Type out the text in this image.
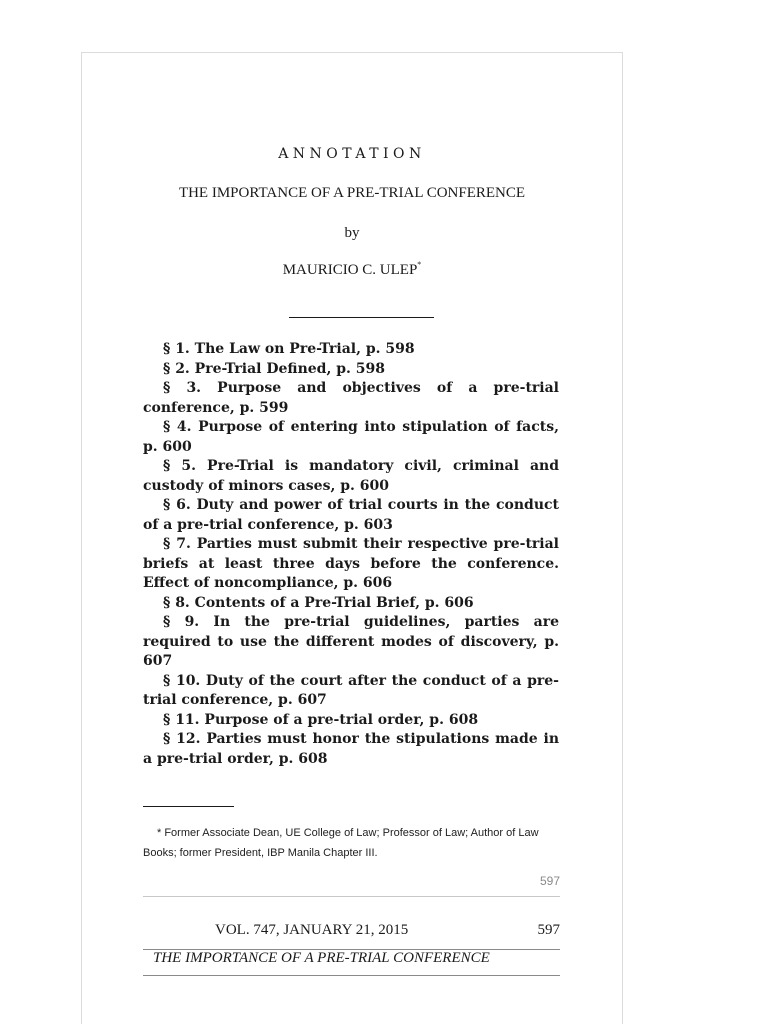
ANNOTATION
THE IMPORTANCE OF A PRE-TRIAL CONFERENCE
by
MAURICIO C. ULEP*
§ 1. The Law on Pre-Trial, p. 598
§ 2. Pre-Trial Defined, p. 598
§ 3. Purpose and objectives of a pre-trial conference, p. 599
§ 4. Purpose of entering into stipulation of facts, p. 600
§ 5. Pre-Trial is mandatory civil, criminal and custody of minors cases, p. 600
§ 6. Duty and power of trial courts in the conduct of a pre-trial conference, p. 603
§ 7. Parties must submit their respective pre-trial briefs at least three days before the conference. Effect of noncompliance, p. 606
§ 8. Contents of a Pre-Trial Brief, p. 606
§ 9. In the pre-trial guidelines, parties are required to use the different modes of discovery, p. 607
§ 10. Duty of the court after the conduct of a pre-trial conference, p. 607
§ 11. Purpose of a pre-trial order, p. 608
§ 12. Parties must honor the stipulations made in a pre-trial order, p. 608
* Former Associate Dean, UE College of Law; Professor of Law; Author of Law Books; former President, IBP Manila Chapter III.
597
VOL. 747, JANUARY 21, 2015	597
THE IMPORTANCE OF A PRE-TRIAL CONFERENCE
